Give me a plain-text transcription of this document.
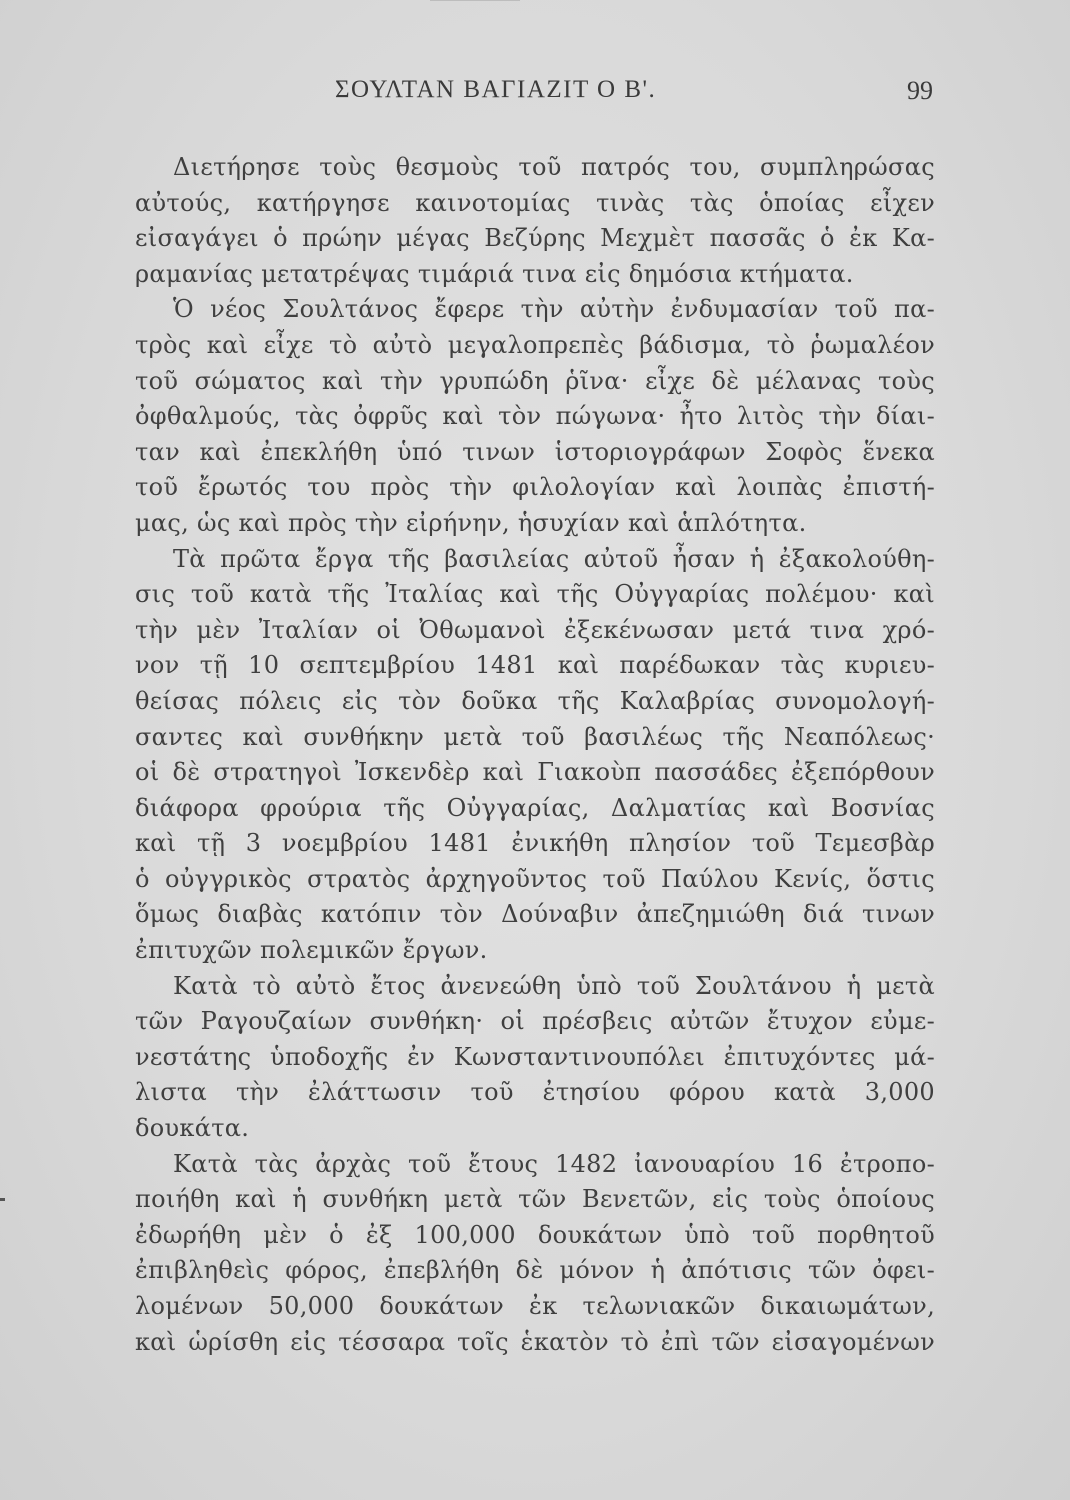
ΣΟΥΛΤΑΝ ΒΑΓΙΑΖΙΤ Ο Β'.	99
Διετήρησε τοὺς θεσμοὺς τοῦ πατρός του, συμπληρώσας
αὐτούς, κατήργησε καινοτομίας τινὰς τὰς ὁποίας εἶχεν
εἰσαγάγει ὁ πρώην μέγας Βεζύρης Μεχμὲτ πασσᾶς ὁ ἐκ Κα-
ραμανίας μετατρέψας τιμάριά τινα εἰς δημόσια κτήματα.
Ὁ νέος Σουλτάνος ἔφερε τὴν αὐτὴν ἐνδυμασίαν τοῦ πα-
τρὸς καὶ εἶχε τὸ αὐτὸ μεγαλοπρεπὲς βάδισμα, τὸ ῥωμαλέον
τοῦ σώματος καὶ τὴν γρυπώδη ῥῖνα· εἶχε δὲ μέλανας τοὺς
ὀφθαλμούς, τὰς ὀφρῦς καὶ τὸν πώγωνα· ἦτο λιτὸς τὴν δίαι-
ταν καὶ ἐπεκλήθη ὑπό τινων ἱστοριογράφων Σοφὸς ἕνεκα
τοῦ ἔρωτός του πρὸς τὴν φιλολογίαν καὶ λοιπὰς ἐπιστή-
μας, ὡς καὶ πρὸς τὴν εἰρήνην, ἡσυχίαν καὶ ἁπλότητα.
Τὰ πρῶτα ἔργα τῆς βασιλείας αὐτοῦ ἦσαν ἡ ἐξακολούθη-
σις τοῦ κατὰ τῆς Ἰταλίας καὶ τῆς Οὐγγαρίας πολέμου· καὶ
τὴν μὲν Ἰταλίαν οἱ Ὀθωμανοὶ ἐξεκένωσαν μετά τινα χρό-
νον τῇ 10 σεπτεμβρίου 1481 καὶ παρέδωκαν τὰς κυριευ-
θείσας πόλεις εἰς τὸν δοῦκα τῆς Καλαβρίας συνομολογή-
σαντες καὶ συνθήκην μετὰ τοῦ βασιλέως τῆς Νεαπόλεως·
οἱ δὲ στρατηγοὶ Ἰσκενδὲρ καὶ Γιακοὺπ πασσάδες ἐξεπόρθουν
διάφορα φρούρια τῆς Οὐγγαρίας, Δαλματίας καὶ Βοσνίας
καὶ τῇ 3 νοεμβρίου 1481 ἐνικήθη πλησίον τοῦ Τεμεσβὰρ
ὁ οὐγγρικὸς στρατὸς ἀρχηγοῦντος τοῦ Παύλου Κενίς, ὅστις
ὅμως διαβὰς κατόπιν τὸν Δούναβιν ἀπεζημιώθη διά τινων
ἐπιτυχῶν πολεμικῶν ἔργων.
Κατὰ τὸ αὐτὸ ἔτος ἀνενεώθη ὑπὸ τοῦ Σουλτάνου ἡ μετὰ
τῶν Ραγουζαίων συνθήκη· οἱ πρέσβεις αὐτῶν ἔτυχον εὐμε-
νεστάτης ὑποδοχῆς ἐν Κωνσταντινουπόλει ἐπιτυχόντες μά-
λιστα τὴν ἐλάττωσιν τοῦ ἐτησίου φόρου κατὰ 3,000
δουκάτα.
Κατὰ τὰς ἀρχὰς τοῦ ἔτους 1482 ἰανουαρίου 16 ἐτροπο-
ποιήθη καὶ ἡ συνθήκη μετὰ τῶν Βενετῶν, εἰς τοὺς ὁποίους
ἐδωρήθη μὲν ὁ ἐξ 100,000 δουκάτων ὑπὸ τοῦ πορθητοῦ
ἐπιβληθεὶς φόρος, ἐπεβλήθη δὲ μόνον ἡ ἀπότισις τῶν ὀφει-
λομένων 50,000 δουκάτων ἐκ τελωνιακῶν δικαιωμάτων,
καὶ ὡρίσθη εἰς τέσσαρα τοῖς ἑκατὸν τὸ ἐπὶ τῶν εἰσαγομένων
